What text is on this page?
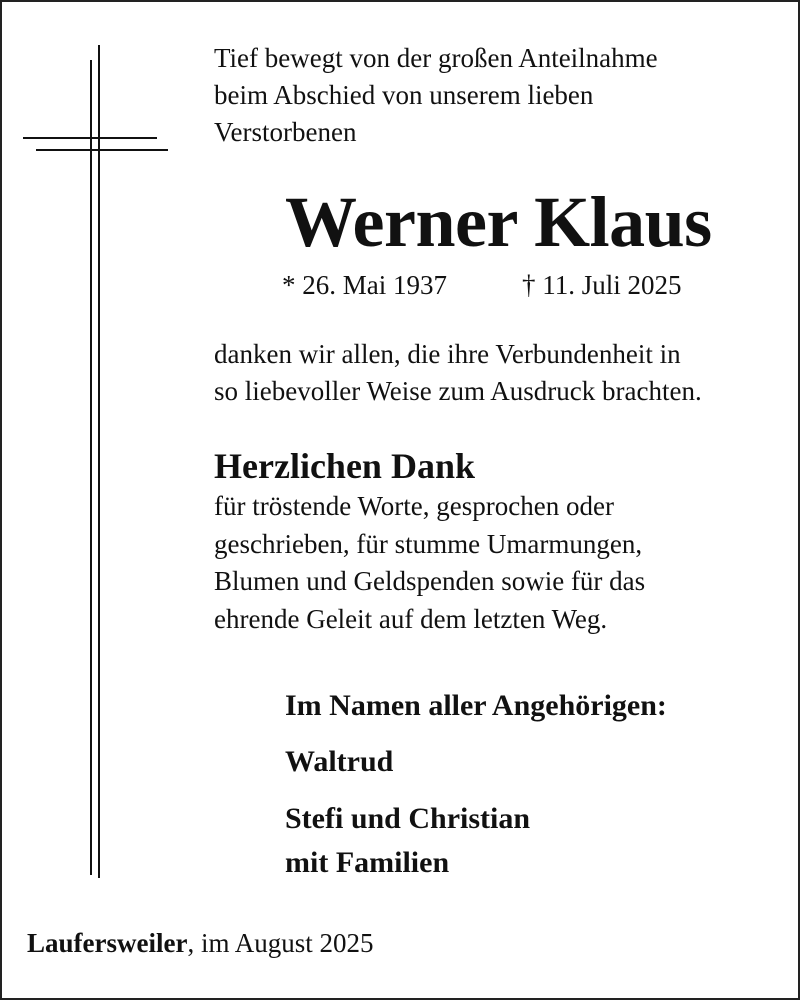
Tief bewegt von der großen Anteilnahme
beim Abschied von unserem lieben
Verstorbenen
Werner Klaus
* 26. Mai 1937	† 11. Juli 2025
danken wir allen, die ihre Verbundenheit in
so liebevoller Weise zum Ausdruck brachten.
Herzlichen Dank
für tröstende Worte, gesprochen oder
geschrieben, für stumme Umarmungen,
Blumen und Geldspenden sowie für das
ehrende Geleit auf dem letzten Weg.
Im Namen aller Angehörigen:
Waltrud
Stefi und Christian
mit Familien
Laufersweiler, im August 2025
